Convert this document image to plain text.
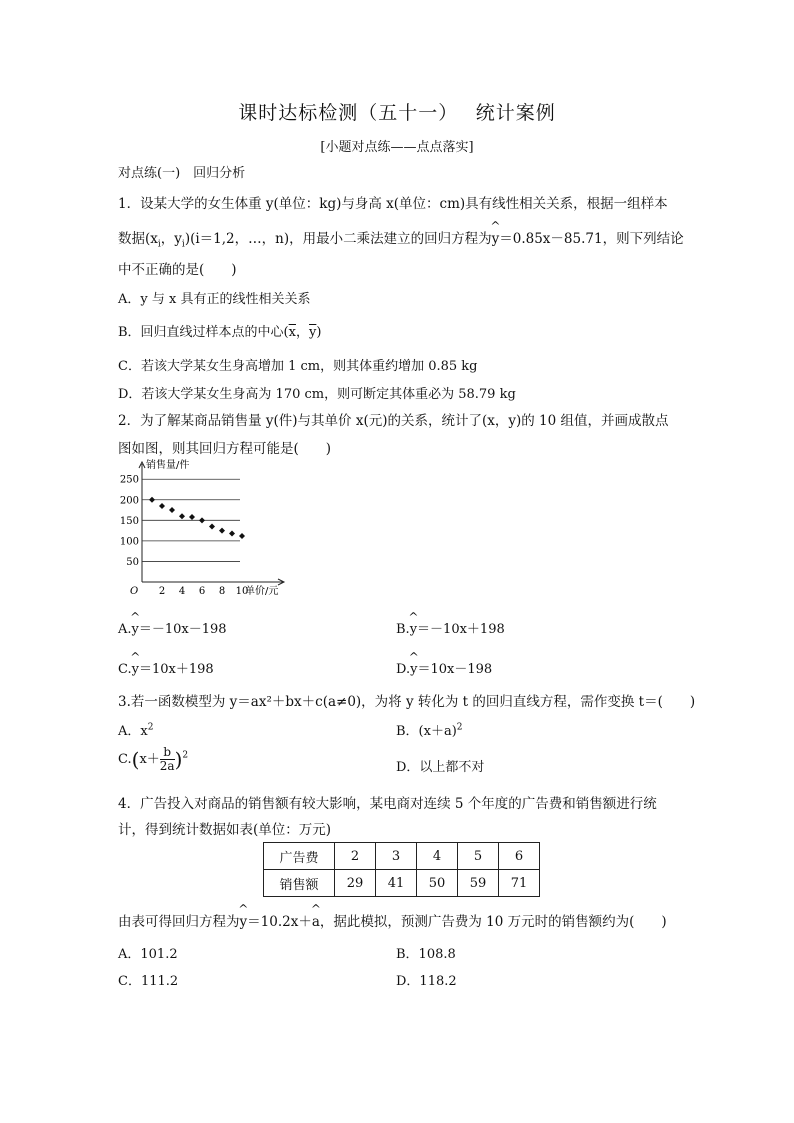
课时达标检测（五十一）　 统计案例
[小题对点练——点点落实]
对点练(一)　回归分析
1．设某大学的女生体重 y(单位：kg)与身高 x(单位：cm)具有线性相关关系，根据一组样本
数据($x_i$，$y_i)(i=1,2$，…，n)，用最小二乘法建立的回归方程为^ y＝0.85x－85.71，则下列结论
中不正确的是(　　)
A．y 与 x 具有正的线性相关关系
B．回归直线过样本点的中心($\overline{x}$，$\overline{y}$)
C．若该大学某女生身高增加 1 cm，则其体重约增加 0.85 kg
D．若该大学某女生身高为 170 cm，则可断定其体重必为 58.79 kg
2．为了解某商品销售量 y(件)与其单价 x(元)的关系，统计了(x，y)的 10 组值，并画成散点
图如图，则其回归方程可能是(　　)
50
100
150
200
250
2 4 6 8 10
O
销售量/件
单价/元
A.^ y＝－10x－198	B.^ y＝－10x＋198
C.^ y＝10x＋198	D.^ y＝10x－198
3.若一函数模型为 y＝ax²＋bx＋c(a≠0)，为将 y 转化为 t 的回归直线方程，需作变换 t＝(　　)
A．$x^2$	B．$(x+a)^2$
$C.(x+ \frac{b}{2a} )^2$
D．以上都不对
4．广告投入对商品的销售额有较大影响，某电商对连续 5 个年度的广告费和销售额进行统
计，得到统计数据如表(单位：万元)
广告费	2	3	4	5	6
销售额	29	41	50	59	71
由表可得回归方程为^ y＝10.2x＋^ a，据此模拟，预测广告费为 10 万元时的销售额约为(　　)
A．101.2	B．108.8
C．111.2	D．118.2
